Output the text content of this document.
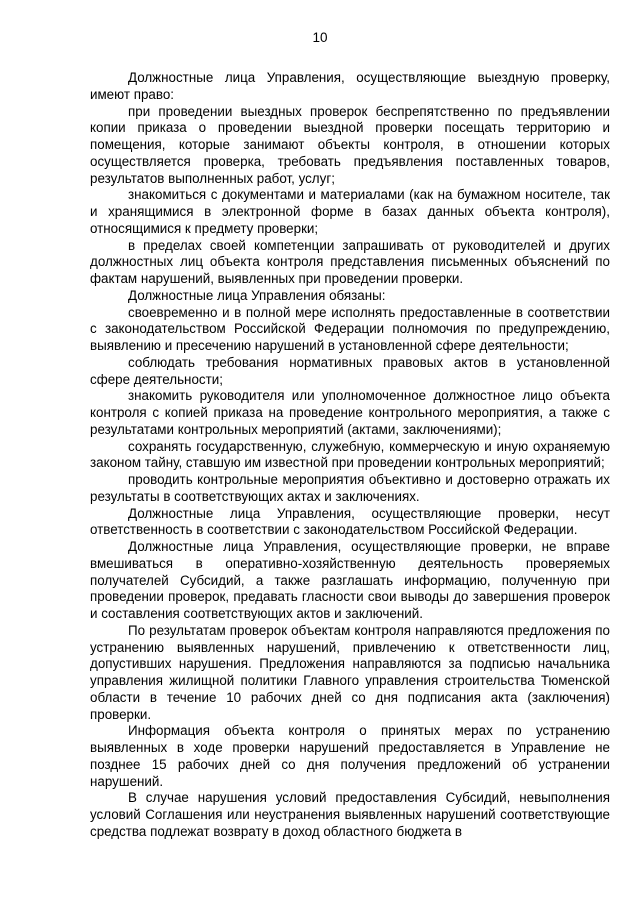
10

Должностные лица Управления, осуществляющие выездную проверку, имеют право:

при проведении выездных проверок беспрепятственно по предъявлении копии приказа о проведении выездной проверки посещать территорию и помещения, которые занимают объекты контроля, в отношении которых осуществляется проверка, требовать предъявления поставленных товаров, результатов выполненных работ, услуг;

знакомиться с документами и материалами (как на бумажном носителе, так и хранящимися в электронной форме в базах данных объекта контроля), относящимися к предмету проверки;

в пределах своей компетенции запрашивать от руководителей и других должностных лиц объекта контроля представления письменных объяснений по фактам нарушений, выявленных при проведении проверки.

Должностные лица Управления обязаны:

своевременно и в полной мере исполнять предоставленные в соответствии с законодательством Российской Федерации полномочия по предупреждению, выявлению и пресечению нарушений в установленной сфере деятельности;

соблюдать требования нормативных правовых актов в установленной сфере деятельности;

знакомить руководителя или уполномоченное должностное лицо объекта контроля с копией приказа на проведение контрольного мероприятия, а также с результатами контрольных мероприятий (актами, заключениями);

сохранять государственную, служебную, коммерческую и иную охраняемую законом тайну, ставшую им известной при проведении контрольных мероприятий;

проводить контрольные мероприятия объективно и достоверно отражать их результаты в соответствующих актах и заключениях.

Должностные лица Управления, осуществляющие проверки, несут ответственность в соответствии с законодательством Российской Федерации.

Должностные лица Управления, осуществляющие проверки, не вправе вмешиваться в оперативно-хозяйственную деятельность проверяемых получателей Субсидий, а также разглашать информацию, полученную при проведении проверок, предавать гласности свои выводы до завершения проверок и составления соответствующих актов и заключений.

По результатам проверок объектам контроля направляются предложения по устранению выявленных нарушений, привлечению к ответственности лиц, допустивших нарушения. Предложения направляются за подписью начальника управления жилищной политики Главного управления строительства Тюменской области в течение 10 рабочих дней со дня подписания акта (заключения) проверки.

Информация объекта контроля о принятых мерах по устранению выявленных в ходе проверки нарушений предоставляется в Управление не позднее 15 рабочих дней со дня получения предложений об устранении нарушений.

В случае нарушения условий предоставления Субсидий, невыполнения условий Соглашения или неустранения выявленных нарушений соответствующие средства подлежат возврату в доход областного бюджета в
